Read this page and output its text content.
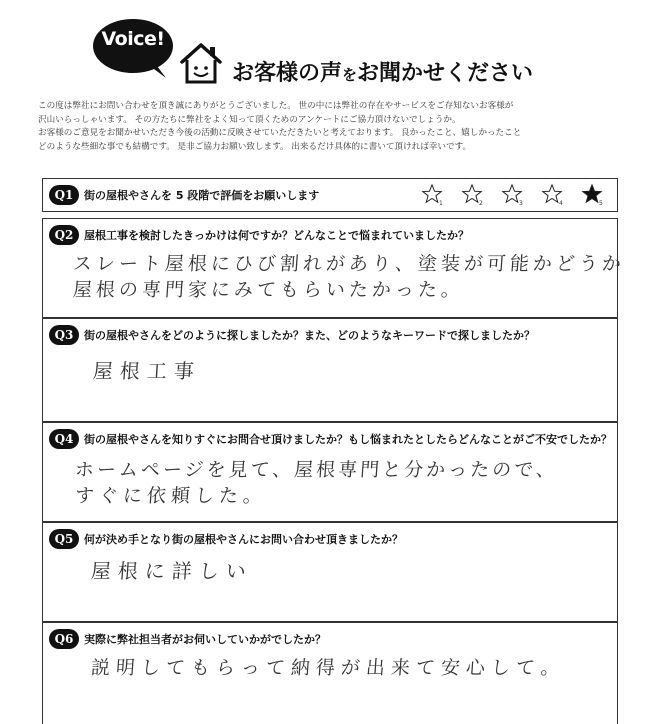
Voice!
お客様の声をお聞かせください

この度は弊社にお問い合わせを頂き誠にありがとうございました。 世の中には弊社の存在やサービスをご存知ないお客様が

沢山いらっしゃいます。 その方たちに弊社をよく知って頂くためのアンケートにご協力頂けないでしょうか。

お客様のご意見をお聞かせいただき今後の活動に反映させていただきたいと考えております。 良かったこと、嬉しかったこと

どのような些細な事でも結構です。 是非ご協力お願い致します。 出来るだけ具体的に書いて頂ければ幸いです。

Q1 街の屋根やさんを 5 段階で評価をお願いします
1	2	3	4	5
Q2 屋根工事を検討したきっかけは何ですか？どんなことで悩まれていましたか？
スレート屋根にひび割れがあり、塗装が可能かどうか
屋根の専門家にみてもらいたかった。
Q3 街の屋根やさんをどのように探しましたか？また、どのようなキーワードで探しましたか？
屋根工事
Q4 街の屋根やさんを知りすぐにお問合せ頂けましたか？もし悩まれたとしたらどんなことがご不安でしたか？
ホームページを見て、屋根専門と分かったので、
すぐに依頼した。
Q5 何が決め手となり街の屋根やさんにお問い合わせ頂きましたか？
屋根に詳しい
Q6 実際に弊社担当者がお伺いしていかがでしたか？
説明してもらって納得が出来て安心して。
